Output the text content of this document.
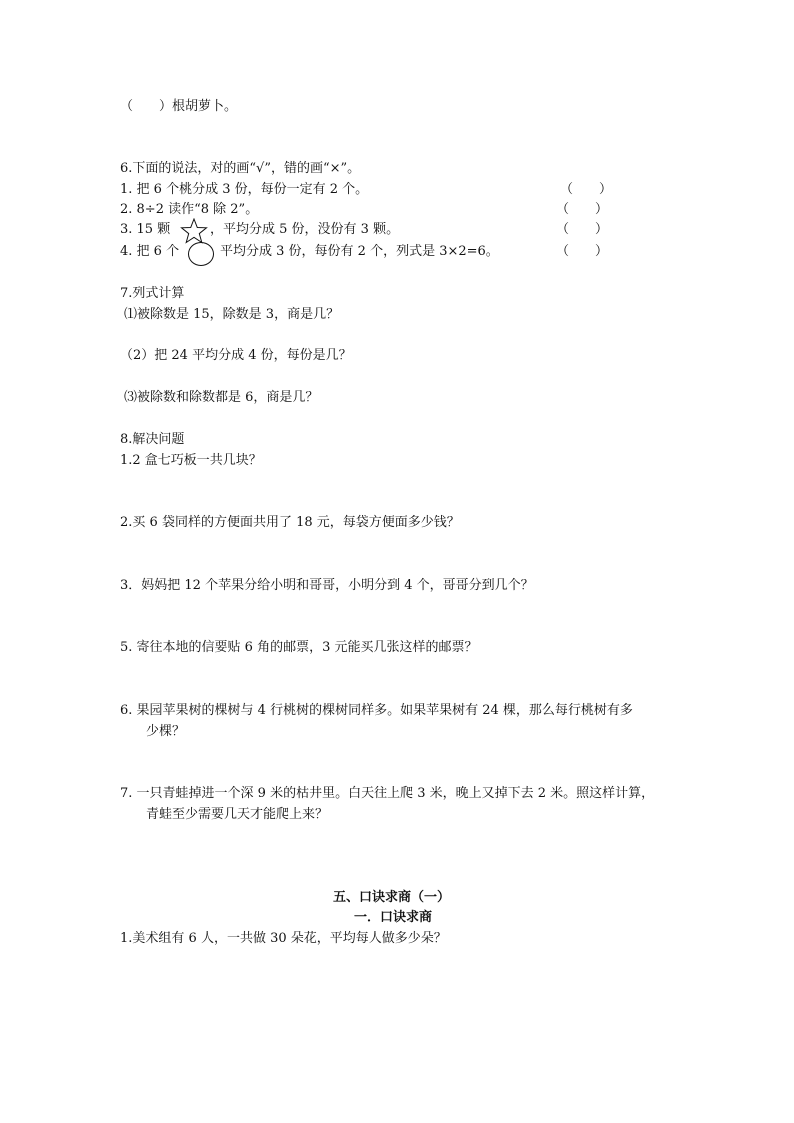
（　　）根胡萝卜。
6.下面的说法，对的画“√”，错的画“×”。
1. 把 6 个桃分成 3 份，每份一定有 2 个。	（　　）
2. 8÷2 读作“8 除 2”。	（　　）
3. 15 颗	，平均分成 5 份，没份有 3 颗。	（　　）
4. 把 6 个	平均分成 3 份，每份有 2 个，列式是 3×2=6。	（　　）
7.列式计算
⑴被除数是 15，除数是 3，商是几？
（2）把 24 平均分成 4 份，每份是几？
⑶被除数和除数都是 6，商是几？
8.解决问题
1.2 盒七巧板一共几块？
2.买 6 袋同样的方便面共用了 18 元，每袋方便面多少钱？
3．妈妈把 12 个苹果分给小明和哥哥，小明分到 4 个，哥哥分到几个？
5. 寄往本地的信要贴 6 角的邮票，3 元能买几张这样的邮票？
6. 果园苹果树的棵树与 4 行桃树的棵树同样多。如果苹果树有 24 棵，那么每行桃树有多
少棵？
7. 一只青蛙掉进一个深 9 米的枯井里。白天往上爬 3 米，晚上又掉下去 2 米。照这样计算，
青蛙至少需要几天才能爬上来？
五、口诀求商（一）
一．口诀求商
1.美术组有 6 人，一共做 30 朵花，平均每人做多少朵？
